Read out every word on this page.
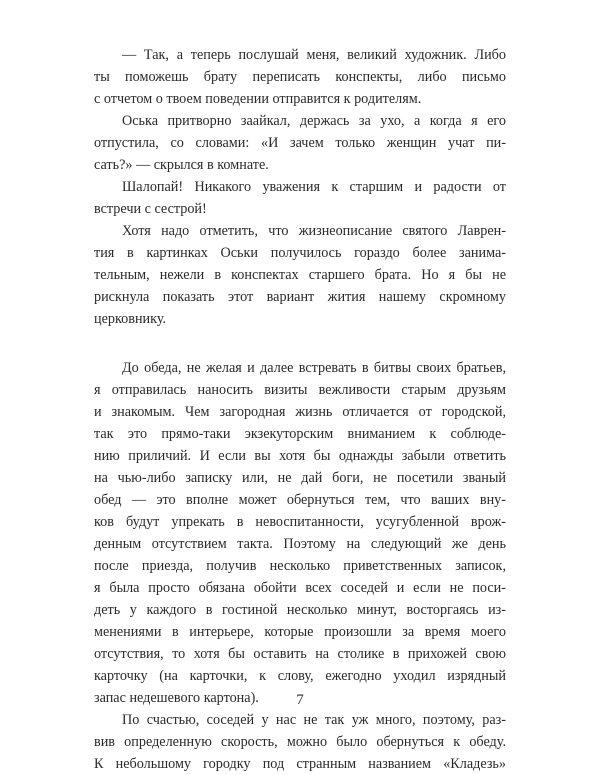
— Так, а теперь послушай меня, великий художник. Либо
ты поможешь брату переписать конспекты, либо письмо
с отчетом о твоем поведении отправится к родителям.
Оська притворно заайкал, держась за ухо, а когда я его
отпустила, со словами: «И зачем только женщин учат пи-
сать?» — скрылся в комнате.
Шалопай! Никакого уважения к старшим и радости от
встречи с сестрой!
Хотя надо отметить, что жизнеописание святого Лаврен-
тия в картинках Оськи получилось гораздо более занима-
тельным, нежели в конспектах старшего брата. Но я бы не
рискнула показать этот вариант жития нашему скромному
церковнику.
До обеда, не желая и далее встревать в битвы своих братьев,
я отправилась наносить визиты вежливости старым друзьям
и знакомым. Чем загородная жизнь отличается от городской,
так это прямо-таки экзекуторским вниманием к соблюде-
нию приличий. И если вы хотя бы однажды забыли ответить
на чью-либо записку или, не дай боги, не посетили званый
обед — это вполне может обернуться тем, что ваших вну-
ков будут упрекать в невоспитанности, усугубленной врож-
денным отсутствием такта. Поэтому на следующий же день
после приезда, получив несколько приветственных записок,
я была просто обязана обойти всех соседей и если не поси-
деть у каждого в гостиной несколько минут, восторгаясь из-
менениями в интерьере, которые произошли за время моего
отсутствия, то хотя бы оставить на столике в прихожей свою
карточку (на карточки, к слову, ежегодно уходил изрядный
запас недешевого картона).
По счастью, соседей у нас не так уж много, поэтому, раз-
вив определенную скорость, можно было обернуться к обеду.
К небольшому городку под странным названием «Кладезь»
7
